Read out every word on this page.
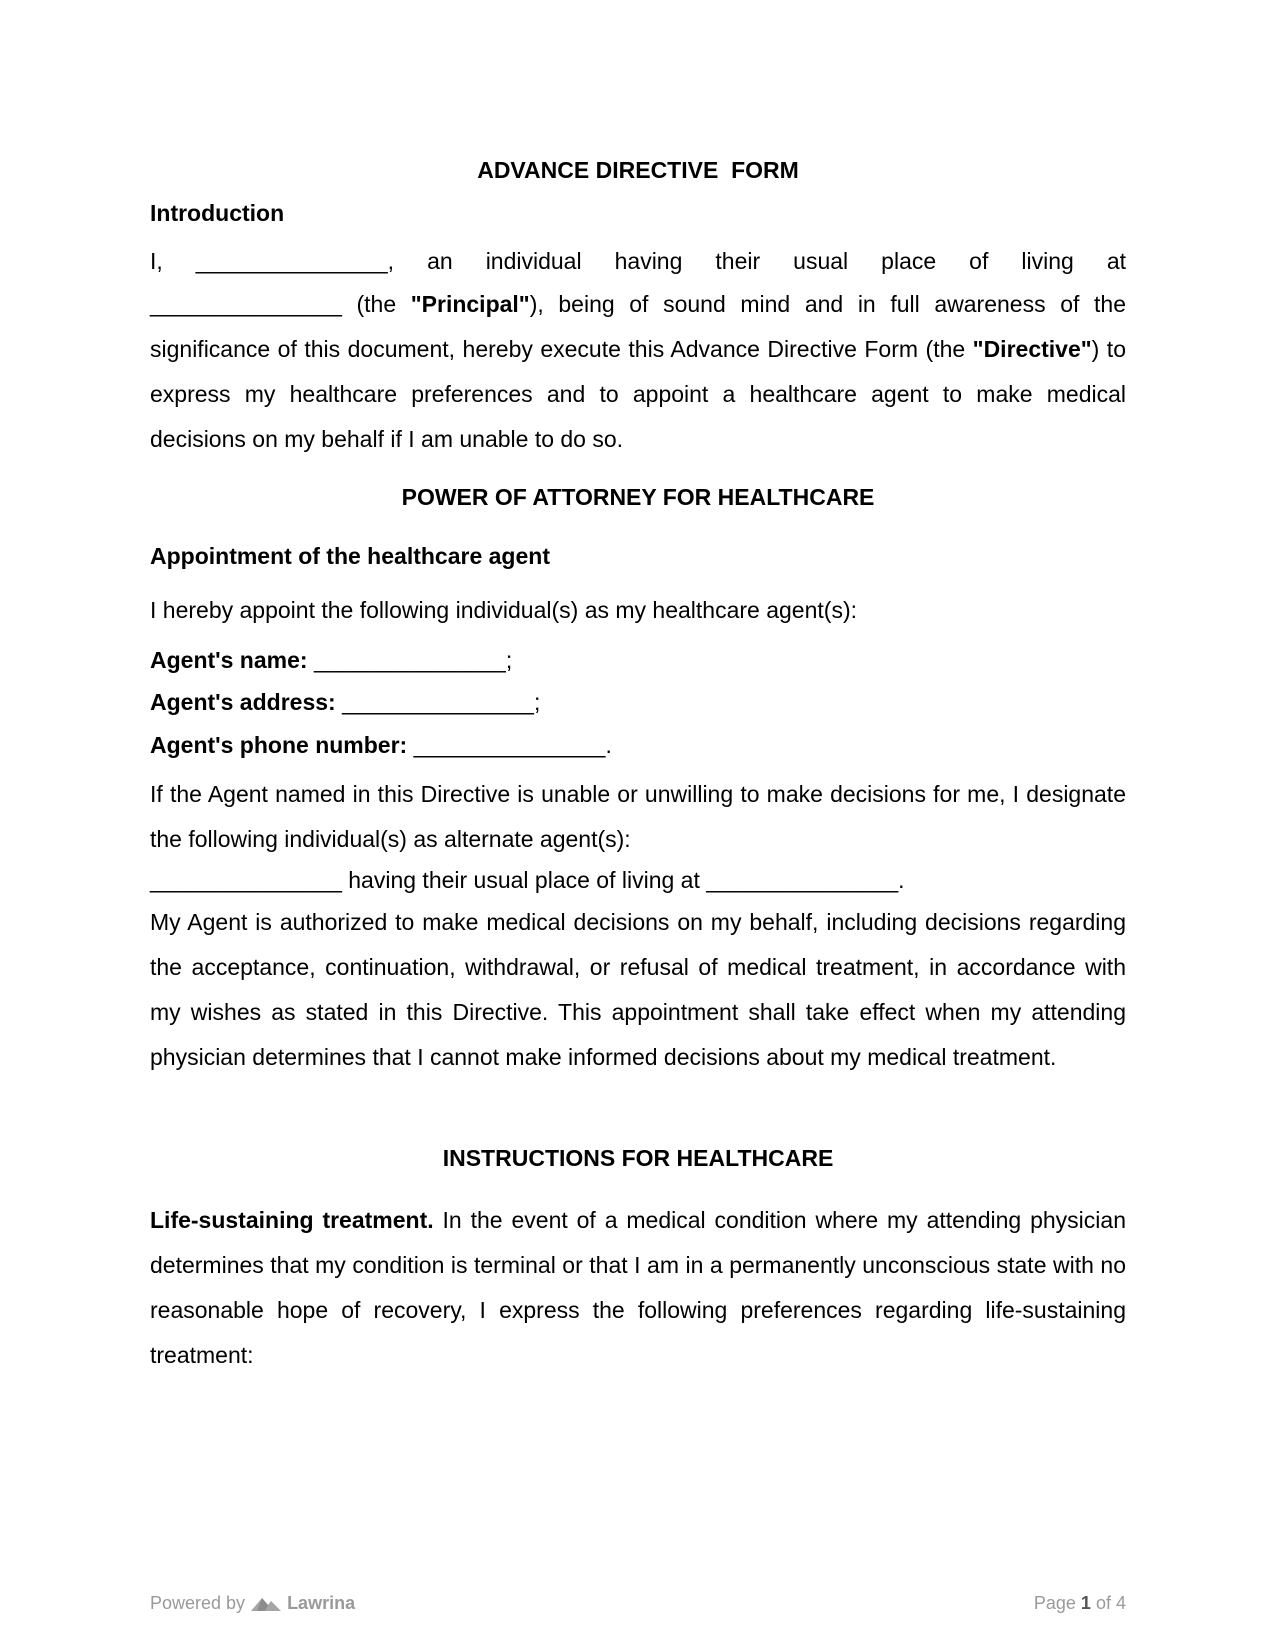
ADVANCE DIRECTIVE  FORM
Introduction
I, _______________, an individual having their usual place of living at

_______________ (the "Principal"), being of sound mind and in full awareness of the significance of this document, hereby execute this Advance Directive Form (the "Directive") to express my healthcare preferences and to appoint a healthcare agent to make medical decisions on my behalf if I am unable to do so.

POWER OF ATTORNEY FOR HEALTHCARE
Appointment of the healthcare agent
I hereby appoint the following individual(s) as my healthcare agent(s):
Agent's name: _______________;
Agent's address: _______________;
Agent's phone number: _______________.

If the Agent named in this Directive is unable or unwilling to make decisions for me, I designate the following individual(s) as alternate agent(s):

_______________ having their usual place of living at _______________.

My Agent is authorized to make medical decisions on my behalf, including decisions regarding the acceptance, continuation, withdrawal, or refusal of medical treatment, in accordance with my wishes as stated in this Directive. This appointment shall take effect when my attending physician determines that I cannot make informed decisions about my medical treatment.

INSTRUCTIONS FOR HEALTHCARE

Life-sustaining treatment. In the event of a medical condition where my attending physician determines that my condition is terminal or that I am in a permanently unconscious state with no reasonable hope of recovery, I express the following preferences regarding life-sustaining treatment:

Powered by Lawrina	Page 1 of 4
